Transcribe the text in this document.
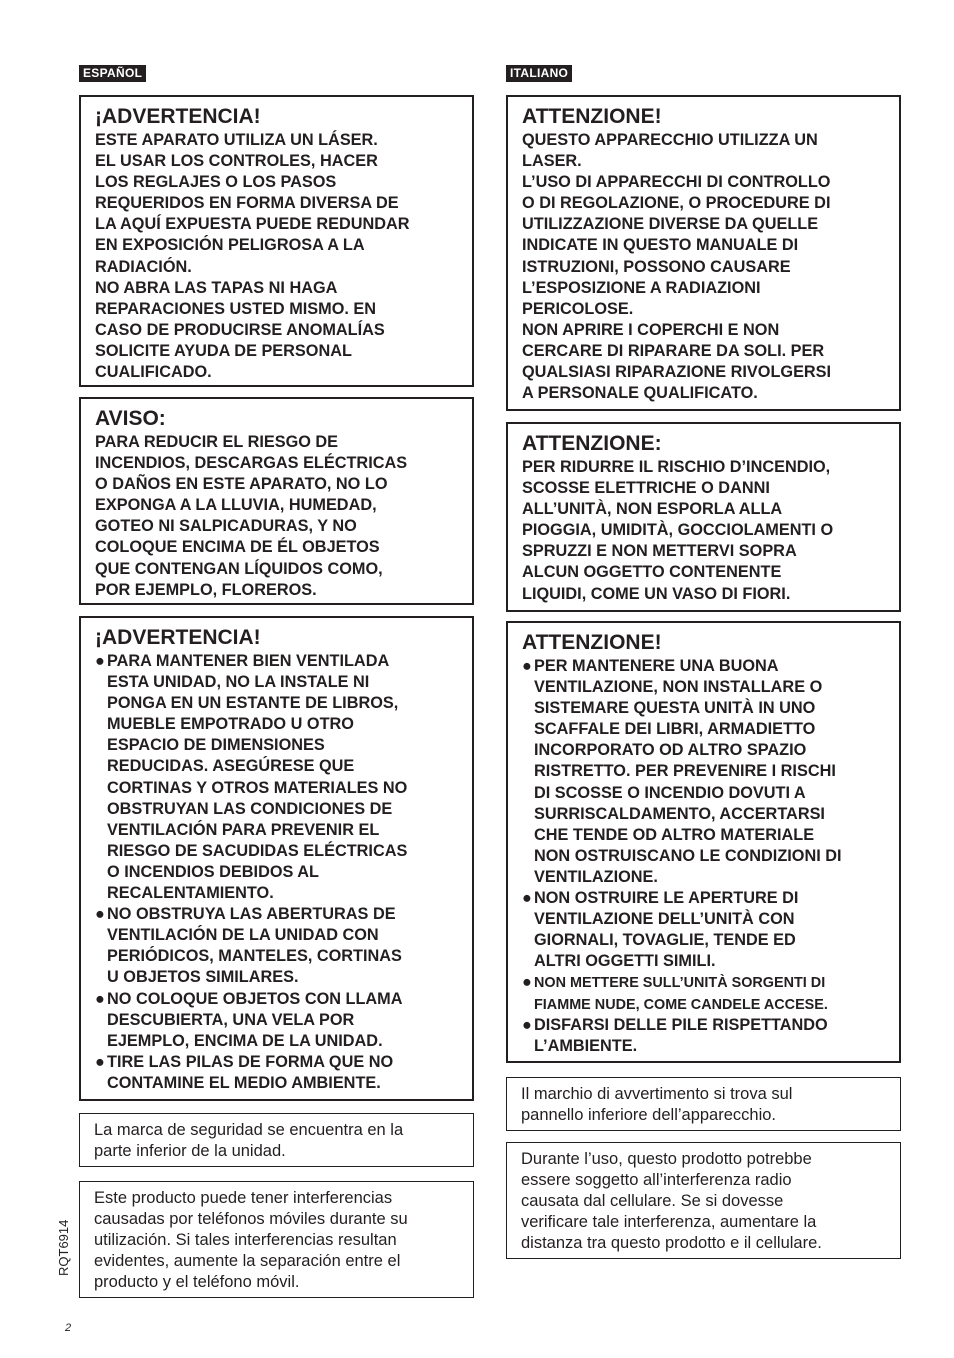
ESPAÑOL
¡ADVERTENCIA!
ESTE APARATO UTILIZA UN LÁSER.
EL USAR LOS CONTROLES, HACER
LOS REGLAJES O LOS PASOS
REQUERIDOS EN FORMA DIVERSA DE
LA AQUÍ EXPUESTA PUEDE REDUNDAR
EN EXPOSICIÓN PELIGROSA A LA
RADIACIÓN.
NO ABRA LAS TAPAS NI HAGA
REPARACIONES USTED MISMO. EN
CASO DE PRODUCIRSE ANOMALÍAS
SOLICITE AYUDA DE PERSONAL
CUALIFICADO.
AVISO:
PARA REDUCIR EL RIESGO DE
INCENDIOS, DESCARGAS ELÉCTRICAS
O DAÑOS EN ESTE APARATO, NO LO
EXPONGA A LA LLUVIA, HUMEDAD,
GOTEO NI SALPICADURAS, Y NO
COLOQUE ENCIMA DE ÉL OBJETOS
QUE CONTENGAN LÍQUIDOS COMO,
POR EJEMPLO, FLOREROS.
¡ADVERTENCIA!
● PARA MANTENER BIEN VENTILADA
ESTA UNIDAD, NO LA INSTALE NI
PONGA EN UN ESTANTE DE LIBROS,
MUEBLE EMPOTRADO U OTRO
ESPACIO DE DIMENSIONES
REDUCIDAS. ASEGÚRESE QUE
CORTINAS Y OTROS MATERIALES NO
OBSTRUYAN LAS CONDICIONES DE
VENTILACIÓN PARA PREVENIR EL
RIESGO DE SACUDIDAS ELÉCTRICAS
O INCENDIOS DEBIDOS AL
RECALENTAMIENTO.
● NO OBSTRUYA LAS ABERTURAS DE
VENTILACIÓN DE LA UNIDAD CON
PERIÓDICOS, MANTELES, CORTINAS
U OBJETOS SIMILARES.
● NO COLOQUE OBJETOS CON LLAMA
DESCUBIERTA, UNA VELA POR
EJEMPLO, ENCIMA DE LA UNIDAD.
● TIRE LAS PILAS DE FORMA QUE NO
CONTAMINE EL MEDIO AMBIENTE.
La marca de seguridad se encuentra en la
parte inferior de la unidad.
Este producto puede tener interferencias
causadas por teléfonos móviles durante su
utilización. Si tales interferencias resultan
evidentes, aumente la separación entre el
producto y el teléfono móvil.
ITALIANO
ATTENZIONE!
QUESTO APPARECCHIO UTILIZZA UN
LASER.
L’USO DI APPARECCHI DI CONTROLLO
O DI REGOLAZIONE, O PROCEDURE DI
UTILIZZAZIONE DIVERSE DA QUELLE
INDICATE IN QUESTO MANUALE DI
ISTRUZIONI, POSSONO CAUSARE
L’ESPOSIZIONE A RADIAZIONI
PERICOLOSE.
NON APRIRE I COPERCHI E NON
CERCARE DI RIPARARE DA SOLI. PER
QUALSIASI RIPARAZIONE RIVOLGERSI
A PERSONALE QUALIFICATO.
ATTENZIONE:
PER RIDURRE IL RISCHIO D’INCENDIO,
SCOSSE ELETTRICHE O DANNI
ALL’UNITÀ, NON ESPORLA ALLA
PIOGGIA, UMIDITÀ, GOCCIOLAMENTI O
SPRUZZI E NON METTERVI SOPRA
ALCUN OGGETTO CONTENENTE
LIQUIDI, COME UN VASO DI FIORI.
ATTENZIONE!
● PER MANTENERE UNA BUONA
VENTILAZIONE, NON INSTALLARE O
SISTEMARE QUESTA UNITÀ IN UNO
SCAFFALE DEI LIBRI, ARMADIETTO
INCORPORATO OD ALTRO SPAZIO
RISTRETTO. PER PREVENIRE I RISCHI
DI SCOSSE O INCENDIO DOVUTI A
SURRISCALDAMENTO, ACCERTARSI
CHE TENDE OD ALTRO MATERIALE
NON OSTRUISCANO LE CONDIZIONI DI
VENTILAZIONE.
● NON OSTRUIRE LE APERTURE DI
VENTILAZIONE DELL’UNITÀ CON
GIORNALI, TOVAGLIE, TENDE ED
ALTRI OGGETTI SIMILI.
● NON METTERE SULL’UNITÀ SORGENTI DI
FIAMME NUDE, COME CANDELE ACCESE.
● DISFARSI DELLE PILE RISPETTANDO
L’AMBIENTE.
Il marchio di avvertimento si trova sul
pannello inferiore dell’apparecchio.
Durante l’uso, questo prodotto potrebbe
essere soggetto all’interferenza radio
causata dal cellulare. Se si dovesse
verificare tale interferenza, aumentare la
distanza tra questo prodotto e il cellulare.
RQT6914
2
